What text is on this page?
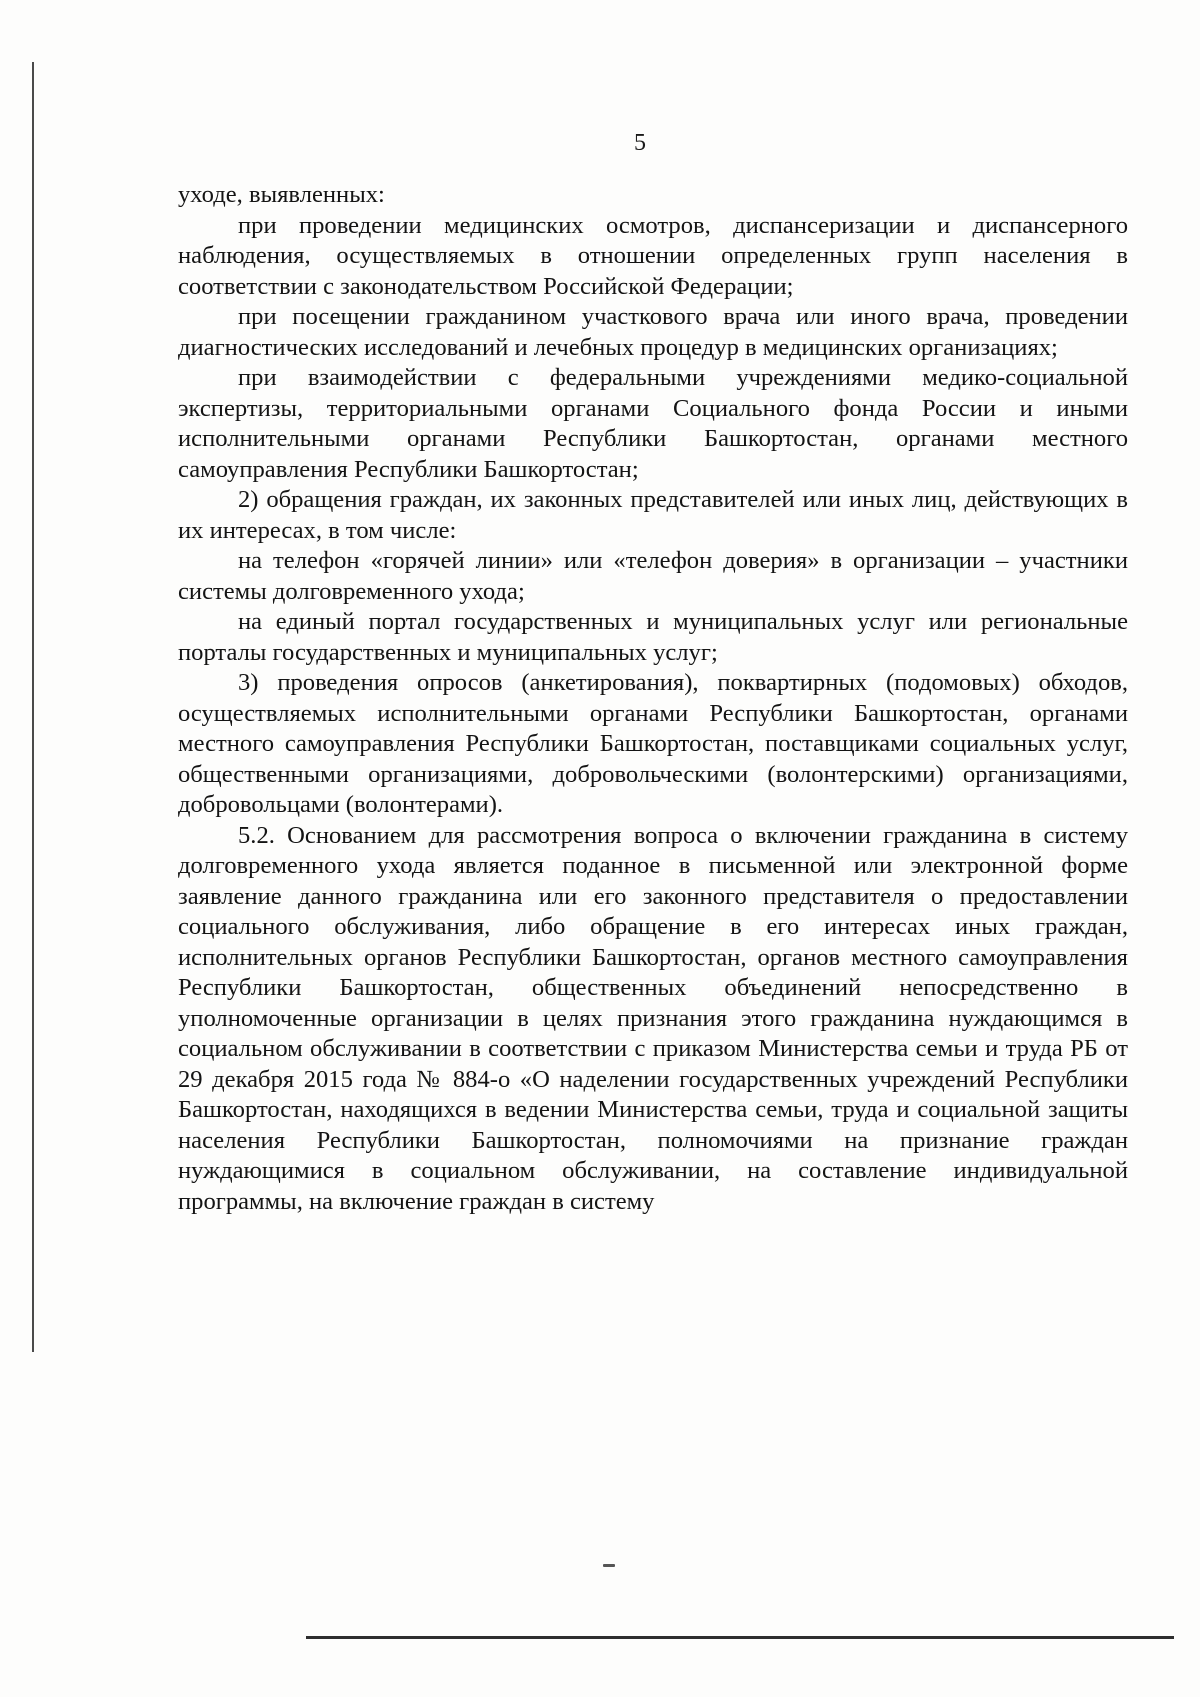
5

уходе, выявленных:

при проведении медицинских осмотров, диспансеризации и диспансерного наблюдения, осуществляемых в отношении определенных групп населения в соответствии с законодательством Российской Федерации;

при посещении гражданином участкового врача или иного врача, проведении диагностических исследований и лечебных процедур в медицинских организациях;

при взаимодействии с федеральными учреждениями медико-социальной экспертизы, территориальными органами Социального фонда России и иными исполнительными органами Республики Башкортостан, органами местного самоуправления Республики Башкортостан;

2) обращения граждан, их законных представителей или иных лиц, действующих в их интересах, в том числе:

на телефон «горячей линии» или «телефон доверия» в организации – участники системы долговременного ухода;

на единый портал государственных и муниципальных услуг или региональные порталы государственных и муниципальных услуг;

3) проведения опросов (анкетирования), поквартирных (подомовых) обходов, осуществляемых исполнительными органами Республики Башкортостан, органами местного самоуправления Республики Башкортостан, поставщиками социальных услуг, общественными организациями, добровольческими (волонтерскими) организациями, добровольцами (волонтерами).

5.2. Основанием для рассмотрения вопроса о включении гражданина в систему долговременного ухода является поданное в письменной или электронной форме заявление данного гражданина или его законного представителя о предоставлении социального обслуживания, либо обращение в его интересах иных граждан, исполнительных органов Республики Башкортостан, органов местного самоуправления Республики Башкортостан, общественных объединений непосредственно в уполномоченные организации в целях признания этого гражданина нуждающимся в социальном обслуживании в соответствии с приказом Министерства семьи и труда РБ от 29 декабря 2015 года № 884-о «О наделении государственных учреждений Республики Башкортостан, находящихся в ведении Министерства семьи, труда и социальной защиты населения Республики Башкортостан, полномочиями на признание граждан нуждающимися в социальном обслуживании, на составление индивидуальной программы, на включение граждан в систему
